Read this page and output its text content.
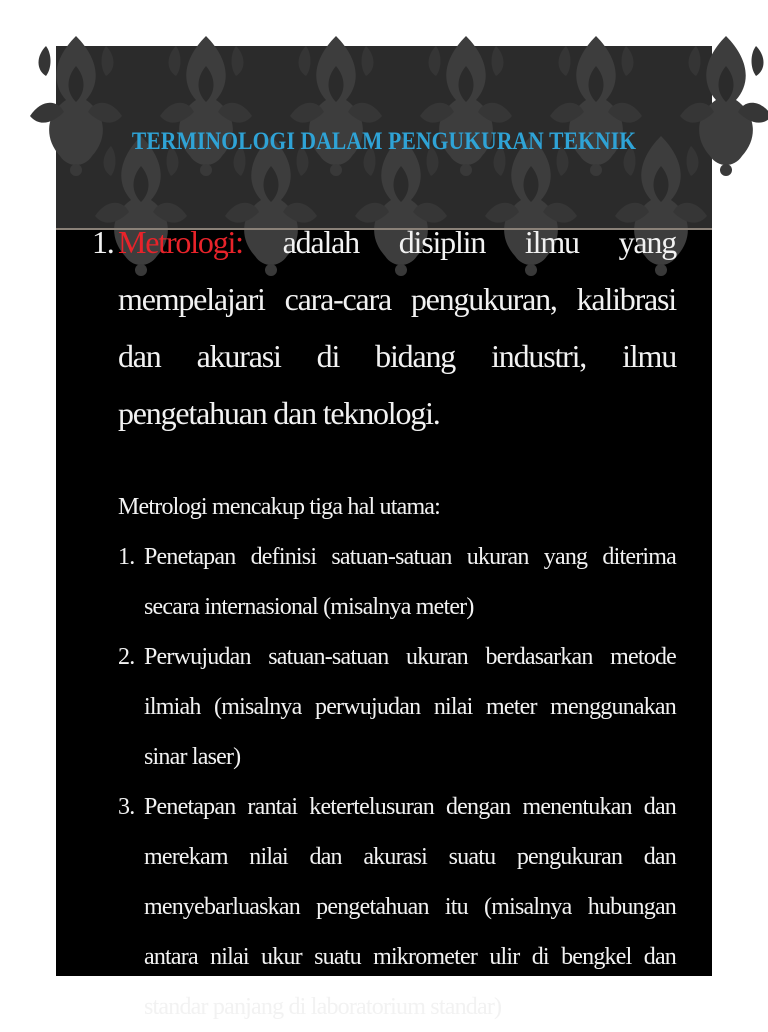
TERMINOLOGI DALAM PENGUKURAN TEKNIK
1. Metrologi: adalah disiplin ilmu yang mempelajari cara-cara pengukuran, kalibrasi dan akurasi di bidang industri, ilmu pengetahuan dan teknologi.
Metrologi mencakup tiga hal utama:
1. Penetapan definisi satuan-satuan ukuran yang diterima secara internasional (misalnya meter)
2. Perwujudan satuan-satuan ukuran berdasarkan metode ilmiah (misalnya perwujudan nilai meter menggunakan sinar laser)
3. Penetapan rantai ketertelusuran dengan menentukan dan merekam nilai dan akurasi suatu pengukuran dan menyebarluaskan pengetahuan itu (misalnya hubungan antara nilai ukur suatu mikrometer ulir di bengkel dan standar panjang di laboratorium standar)
